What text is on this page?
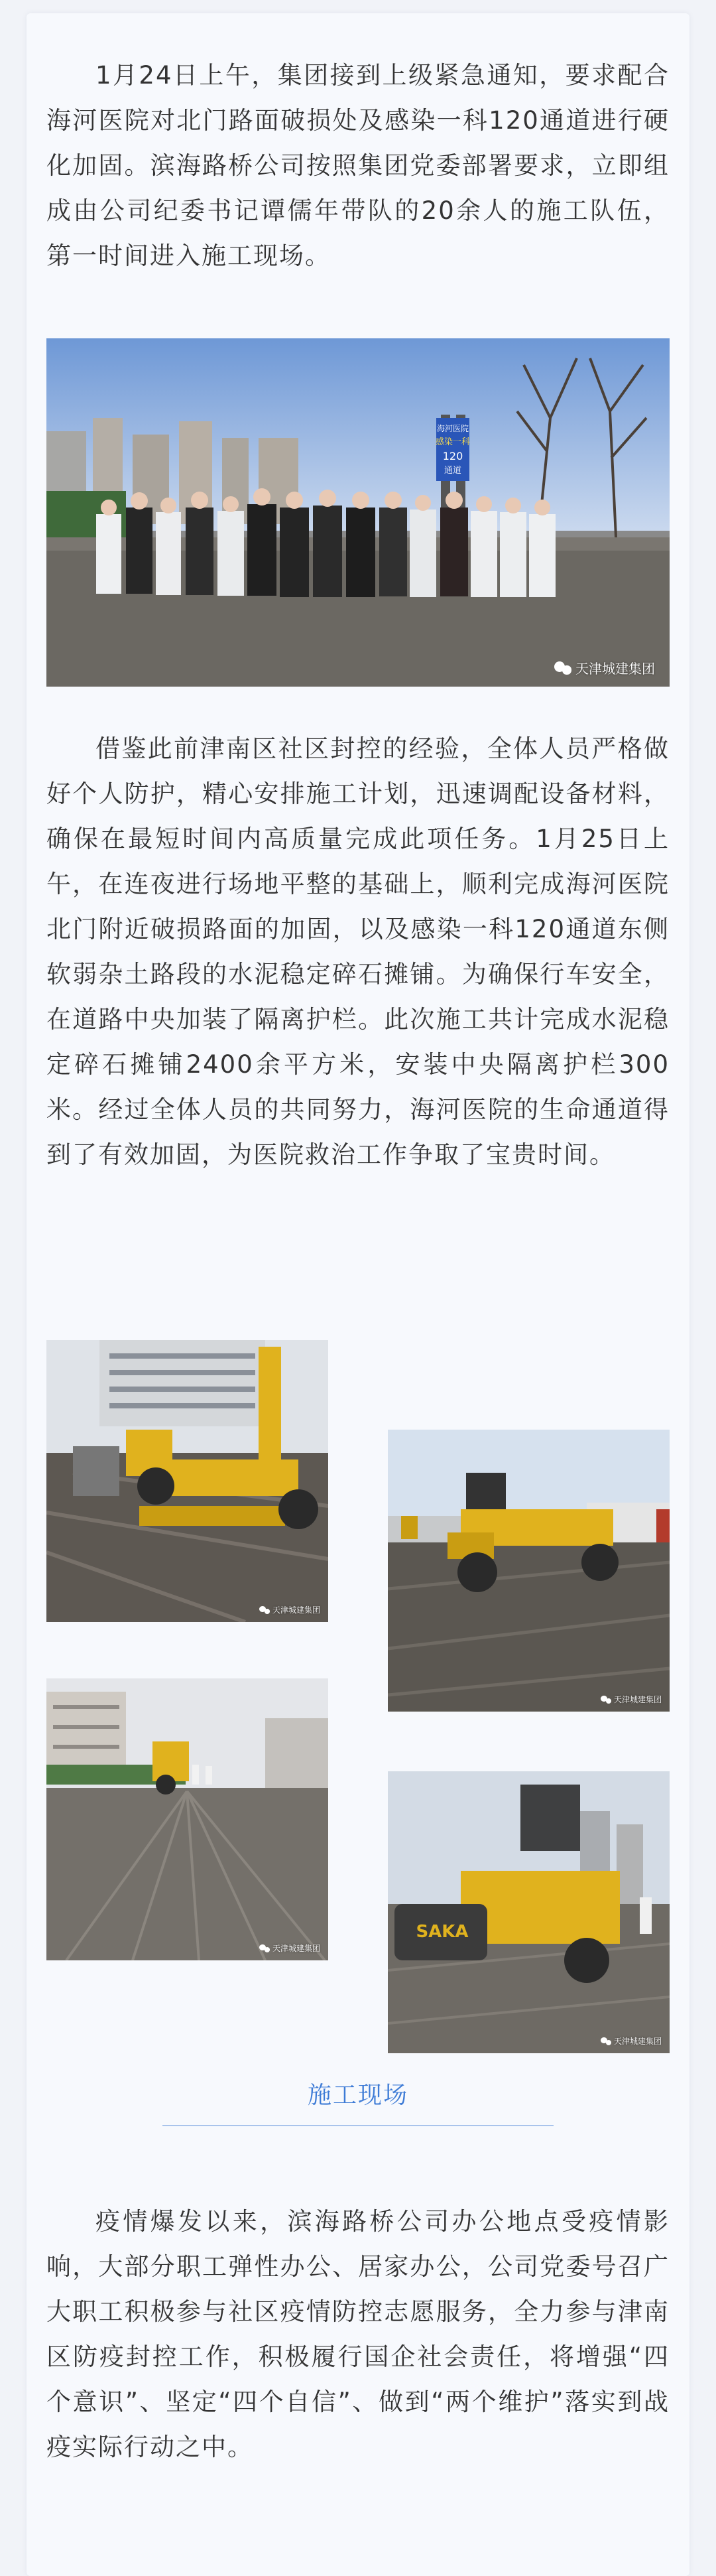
1月24日上午，集团接到上级紧急通知，要求配合海河医院对北门路面破损处及感染一科120通道进行硬化加固。滨海路桥公司按照集团党委部署要求，立即组成由公司纪委书记谭儒年带队的20余人的施工队伍，第一时间进入施工现场。

海河医院
感染一科
120
通道
天津城建集团

借鉴此前津南区社区封控的经验，全体人员严格做好个人防护，精心安排施工计划，迅速调配设备材料，确保在最短时间内高质量完成此项任务。1月25日上午，在连夜进行场地平整的基础上，顺利完成海河医院北门附近破损路面的加固，以及感染一科120通道东侧软弱杂土路段的水泥稳定碎石摊铺。为确保行车安全，在道路中央加装了隔离护栏。此次施工共计完成水泥稳定碎石摊铺2400余平方米，安装中央隔离护栏300米。经过全体人员的共同努力，海河医院的生命通道得到了有效加固，为医院救治工作争取了宝贵时间。

天津城建集团
天津城建集团
天津城建集团
SAKA
天津城建集团
施工现场

疫情爆发以来，滨海路桥公司办公地点受疫情影响，大部分职工弹性办公、居家办公，公司党委号召广大职工积极参与社区疫情防控志愿服务，全力参与津南区防疫封控工作，积极履行国企社会责任，将增强“四个意识”、坚定“四个自信”、做到“两个维护”落实到战疫实际行动之中。
